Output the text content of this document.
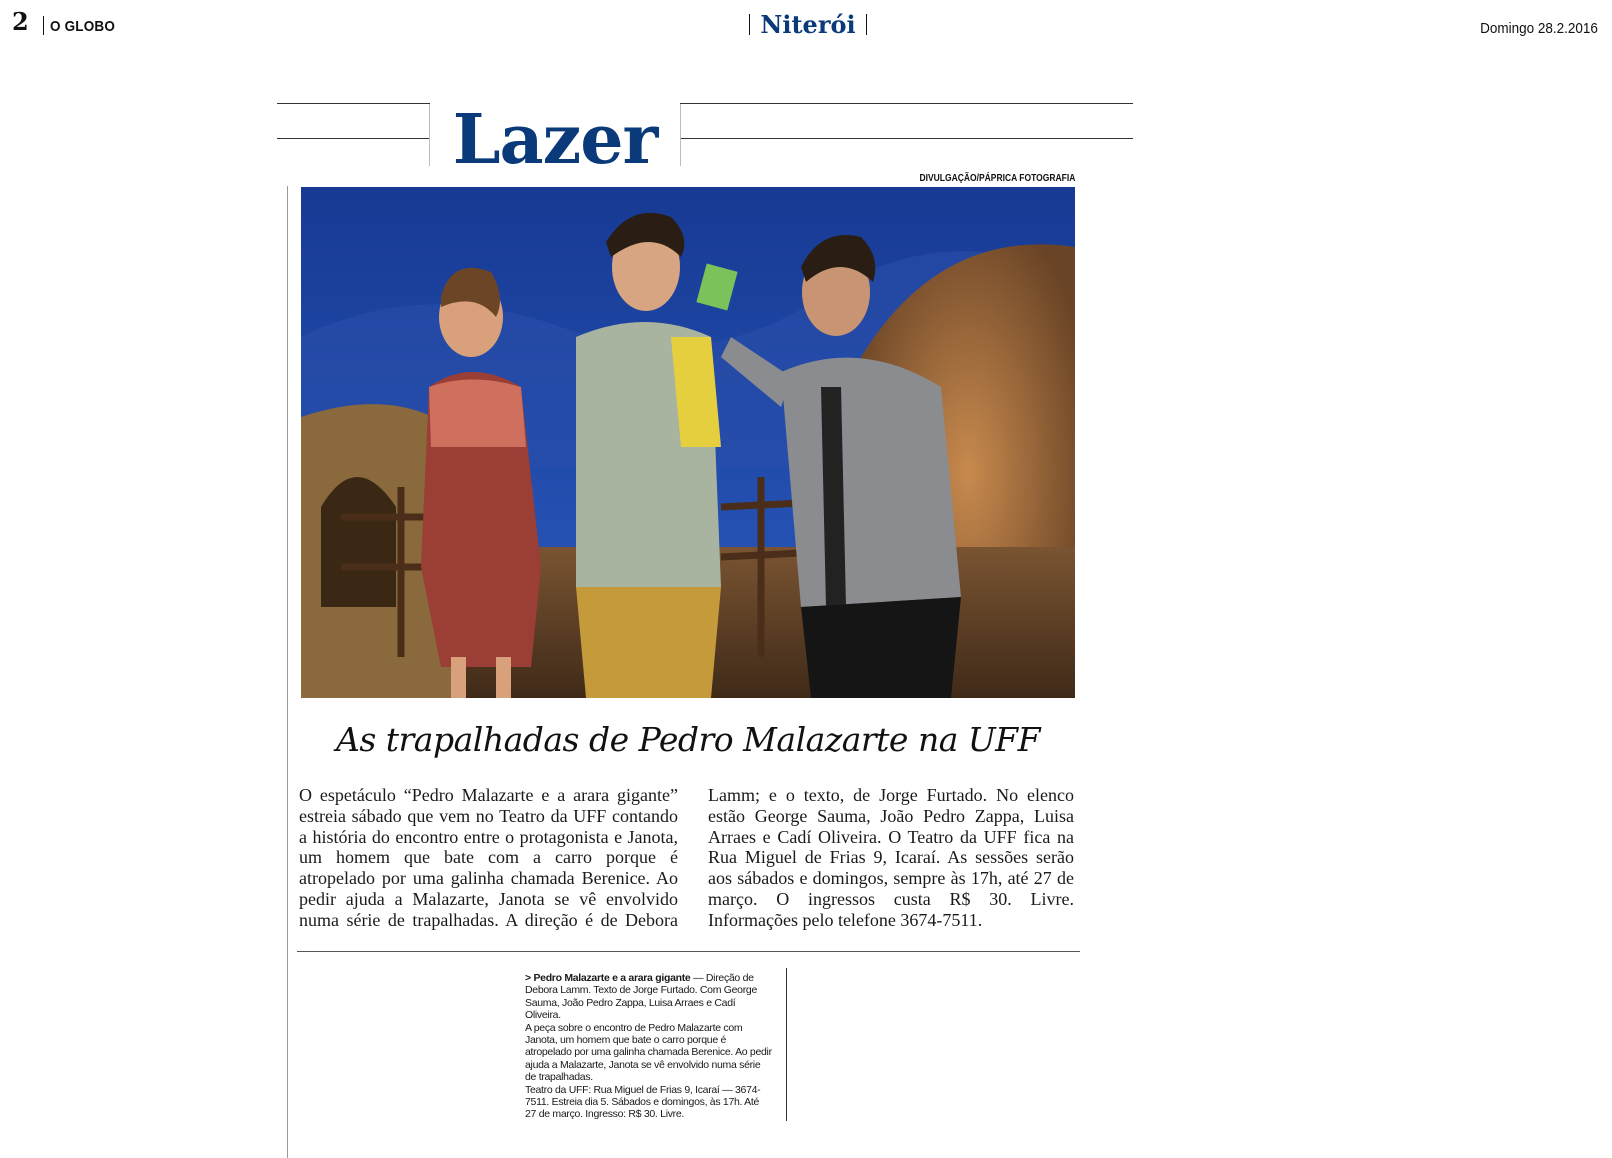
2 O GLOBO	Niterói	Domingo 28.2.2016
Lazer	DIVULGAÇÃO/PÁPRICA FOTOGRAFIA
As trapalhadas de Pedro Malazarte na UFF
O espetáculo “Pedro Malazarte e a arara gigante” estreia sábado que vem no Teatro da UFF contando a história do encontro entre o protagonista e Janota, um homem que bate com a carro porque é atropelado por uma galinha chamada Berenice. Ao pedir ajuda a Malazarte, Janota se vê envolvido numa série de trapalhadas. A direção é de Debora
Lamm; e o texto, de Jorge Furtado. No elenco estão George Sauma, João Pedro Zappa, Luisa Arraes e Cadí Oliveira. O Teatro da UFF fica na Rua Miguel de Frias 9, Icaraí. As sessões serão aos sábados e domingos, sempre às 17h, até 27 de março. O ingressos custa R$ 30. Livre. Informações pelo telefone 3674-7511.

> Pedro Malazarte e a arara gigante — Direção de Debora Lamm. Texto de Jorge Furtado. Com George Sauma, João Pedro Zappa, Luisa Arraes e Cadí Oliveira.

A peça sobre o encontro de Pedro Malazarte com Janota, um homem que bate o carro porque é atropelado por uma galinha chamada Berenice. Ao pedir ajuda a Malazarte, Janota se vê envolvido numa série de trapalhadas.

Teatro da UFF: Rua Miguel de Frias 9, Icaraí — 3674-7511. Estreia dia 5. Sábados e domingos, às 17h. Até 27 de março. Ingresso: R$ 30. Livre.
